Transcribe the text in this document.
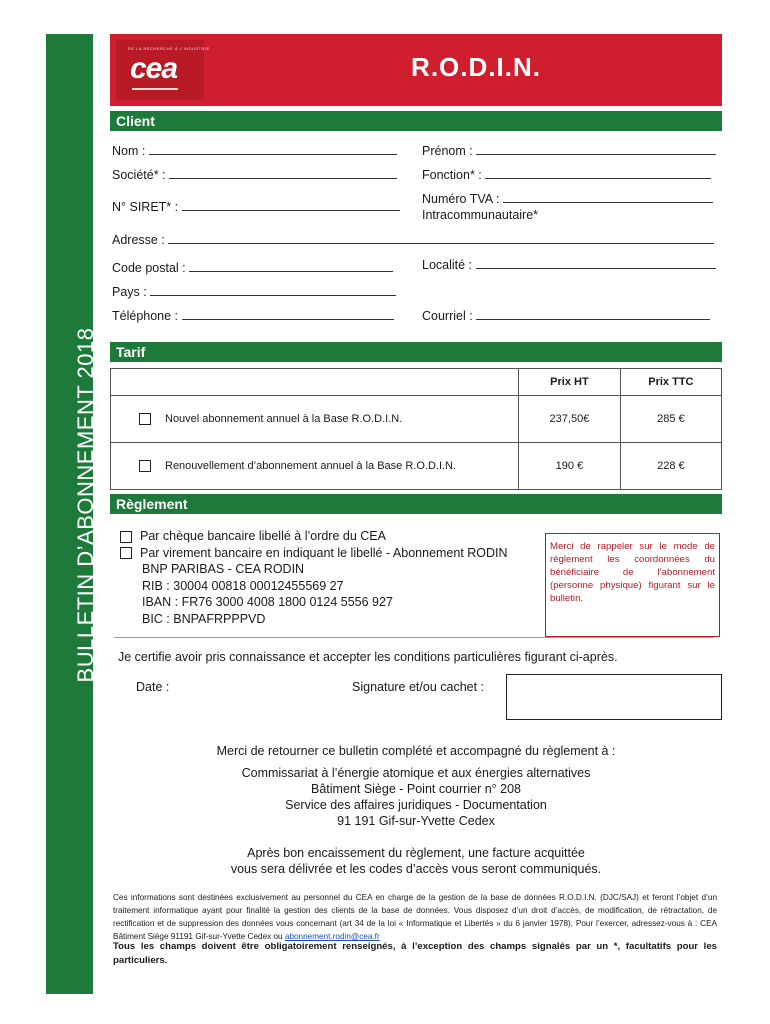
BULLETIN D’ABONNEMENT 2018
DE LA RECHERCHE À L'INDUSTRIE
cea	R.O.D.I.N.
Client
Nom :	Prénom :
Société* :	Fonction* :
N° SIRET* :
Numéro TVA :
Intracommunautaire*
Adresse :
Code postal :	Localité :
Pays :
Téléphone :	Courriel :
Tarif
	Prix HT	Prix TTC
Nouvel abonnement annuel à la Base R.O.D.I.N.	237,50€	285 €
Renouvellement d’abonnement annuel à la Base R.O.D.I.N.	190 €	228 €
Règlement
Par chèque bancaire libellé à l’ordre du CEA
Par virement bancaire en indiquant le libellé - Abonnement RODIN
BNP PARIBAS - CEA RODIN
RIB : 30004 00818 00012455569 27
IBAN : FR76 3000 4008 1800 0124 5556 927
BIC : BNPAFRPPPVD
Merci de rappeler sur le mode de règlement les coordonnées du bénéficiaire de l’abonnement (personne physique) figurant sur le bulletin.
Je certifie avoir pris connaissance et accepter les conditions particulières figurant ci-après.
Date :	Signature et/ou cachet :
Merci de retourner ce bulletin complété et accompagné du règlement à :
Commissariat à l’énergie atomique et aux énergies alternatives
Bâtiment Siège - Point courrier n° 208
Service des affaires juridiques - Documentation
91 191 Gif-sur-Yvette Cedex
Après bon encaissement du règlement, une facture acquittée
vous sera délivrée et les codes d’accès vous seront communiqués.
Ces informations sont destinées exclusivement au personnel du CEA en charge de la gestion de la base de données R.O.D.I.N. (DJC/SAJ) et feront l’objet d’un traitement informatique ayant pour finalité la gestion des clients de la base de données. Vous disposez d’un droit d’accès, de modification, de rétractation, de rectification et de suppression des données vous concernant (art 34 de la loi « Informatique et Libertés » du 6 janvier 1978). Pour l’exercer, adressez-vous à : CEA Bâtiment Siège 91191 Gif-sur-Yvette Cedex ou abonnement.rodin@cea.fr
Tous les champs doivent être obligatoirement renseignés, à l’exception des champs signalés par un *, facultatifs pour les particuliers.
